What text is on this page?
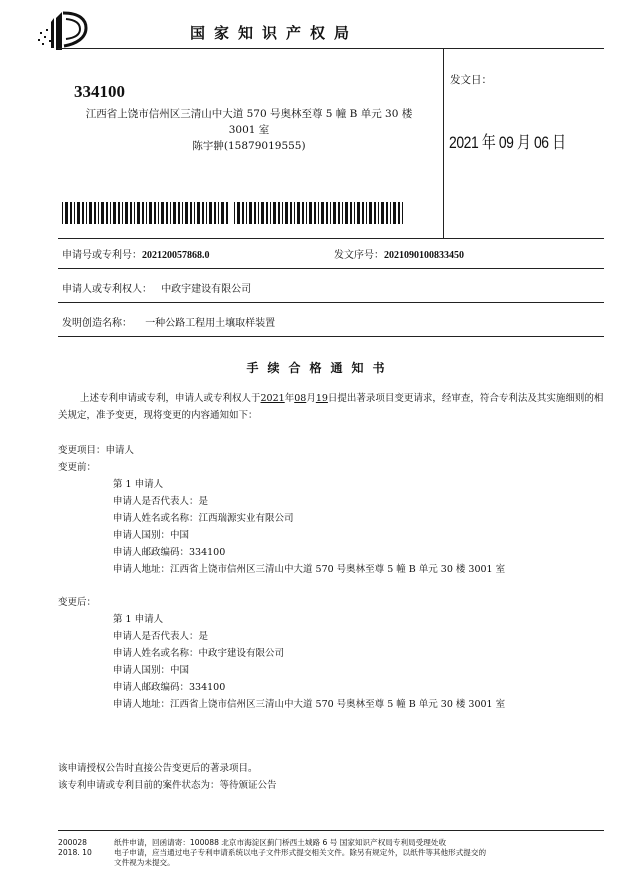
国家知识产权局
334100
江西省上饶市信州区三清山中大道 570 号奥林至尊 5 幢 B 单元 30 楼
3001 室
陈宇翀(15879019555)
发文日：
2021 年 09 月 06 日
申请号或专利号：202120057868.0	发文序号：2021090100833450
申请人或专利权人： 中政宇建设有限公司
发明创造名称： 一种公路工程用土壤取样装置
手续合格通知书
上述专利申请或专利，申请人或专利权人于2021年08月19日提出著录项目变更请求，经审查，符合专利法及其实施细则的相关规定，准予变更，现将变更的内容通知如下：
变更项目：申请人
变更前：
第 1 申请人
申请人是否代表人：是
申请人姓名或名称：江西瑞源实业有限公司
申请人国别：中国
申请人邮政编码：334100
申请人地址：江西省上饶市信州区三清山中大道 570 号奥林至尊 5 幢 B 单元 30 楼 3001 室
变更后：
第 1 申请人
申请人是否代表人：是
申请人姓名或名称：中政宇建设有限公司
申请人国别：中国
申请人邮政编码：334100
申请人地址：江西省上饶市信州区三清山中大道 570 号奥林至尊 5 幢 B 单元 30 楼 3001 室
该申请授权公告时直接公告变更后的著录项目。
该专利申请或专利目前的案件状态为：等待颁证公告
200028
2018. 10
纸件申请，回函请寄：100088 北京市海淀区蓟门桥西土城路 6 号 国家知识产权局专利局受理处收
电子申请，应当通过电子专利申请系统以电子文件形式提交相关文件。除另有规定外，以纸件等其他形式提交的
文件视为未提交。
